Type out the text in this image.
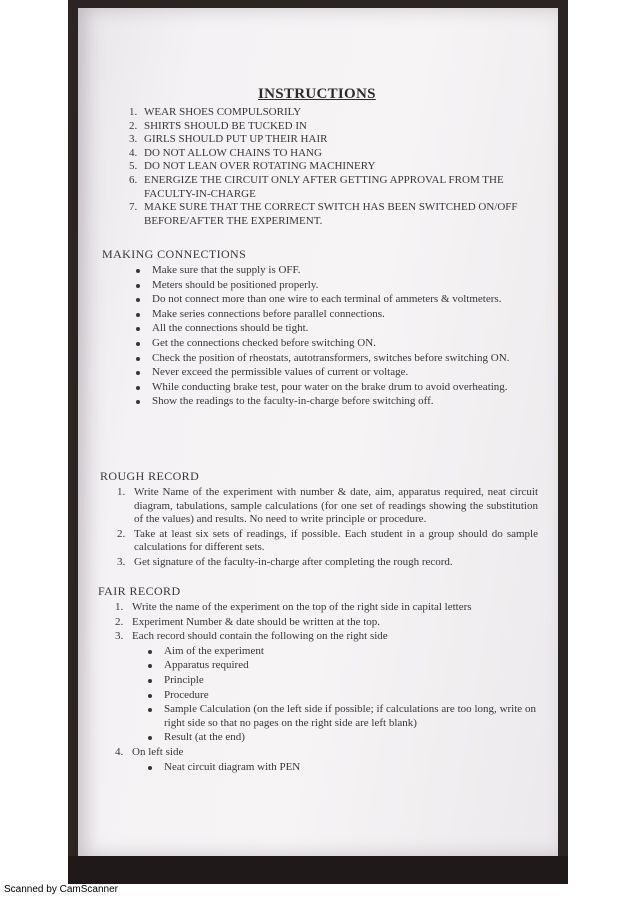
INSTRUCTIONS
1. WEAR SHOES COMPULSORILY
2. SHIRTS SHOULD BE TUCKED IN
3. GIRLS SHOULD PUT UP THEIR HAIR
4. DO NOT ALLOW CHAINS TO HANG
5. DO NOT LEAN OVER ROTATING MACHINERY
6. ENERGIZE THE CIRCUIT ONLY AFTER GETTING APPROVAL FROM THE FACULTY-IN-CHARGE
7. MAKE SURE THAT THE CORRECT SWITCH HAS BEEN SWITCHED ON/OFF BEFORE/AFTER THE EXPERIMENT.
MAKING CONNECTIONS
Make sure that the supply is OFF.
Meters should be positioned properly.
Do not connect more than one wire to each terminal of ammeters & voltmeters.
Make series connections before parallel connections.
All the connections should be tight.
Get the connections checked before switching ON.
Check the position of rheostats, autotransformers, switches before switching ON.
Never exceed the permissible values of current or voltage.
While conducting brake test, pour water on the brake drum to avoid overheating.
Show the readings to the faculty-in-charge before switching off.
ROUGH RECORD
1. Write Name of the experiment with number & date, aim, apparatus required, neat circuit diagram, tabulations, sample calculations (for one set of readings showing the substitution of the values) and results. No need to write principle or procedure.
2. Take at least six sets of readings, if possible. Each student in a group should do sample calculations for different sets.
3. Get signature of the faculty-in-charge after completing the rough record.
FAIR RECORD
1. Write the name of the experiment on the top of the right side in capital letters
2. Experiment Number & date should be written at the top.
3. Each record should contain the following on the right side
Aim of the experiment
Apparatus required
Principle
Procedure
Sample Calculation (on the left side if possible; if calculations are too long, write on right side so that no pages on the right side are left blank)
Result (at the end)
4. On left side
Neat circuit diagram with PEN
Scanned by CamScanner
